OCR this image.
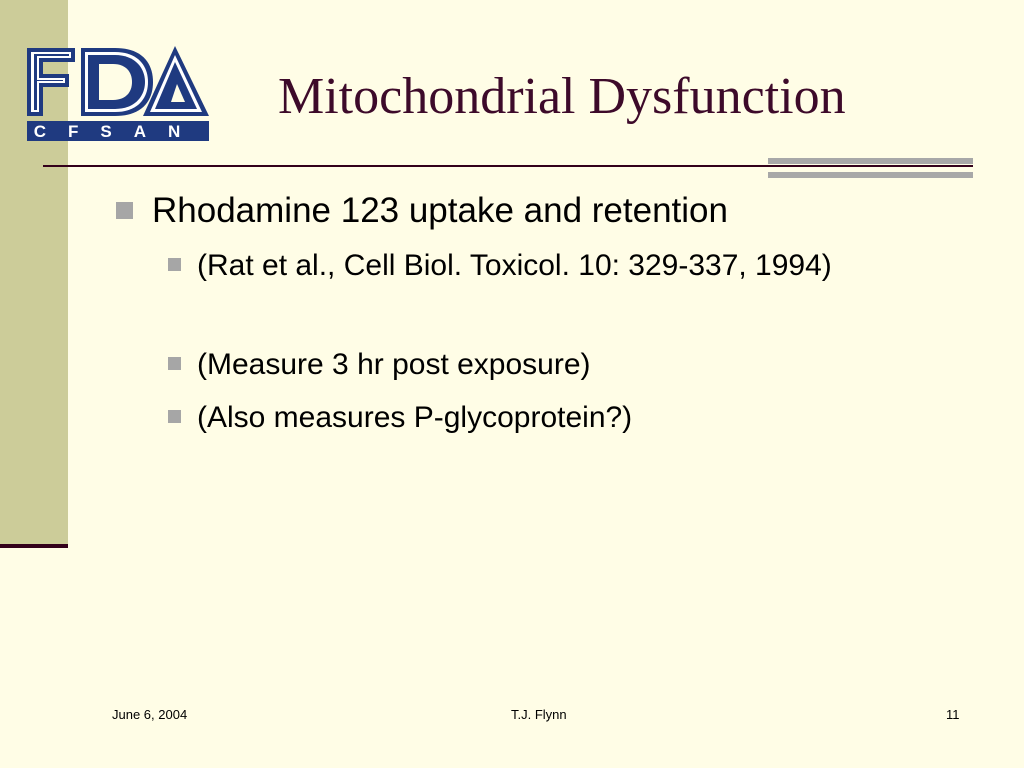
CFSAN
Mitochondrial Dysfunction
Rhodamine 123 uptake and retention
(Rat et al., Cell Biol. Toxicol. 10: 329-337, 1994)
(Measure 3 hr post exposure)
(Also measures P-glycoprotein?)
June 6, 2004	T.J. Flynn	11
